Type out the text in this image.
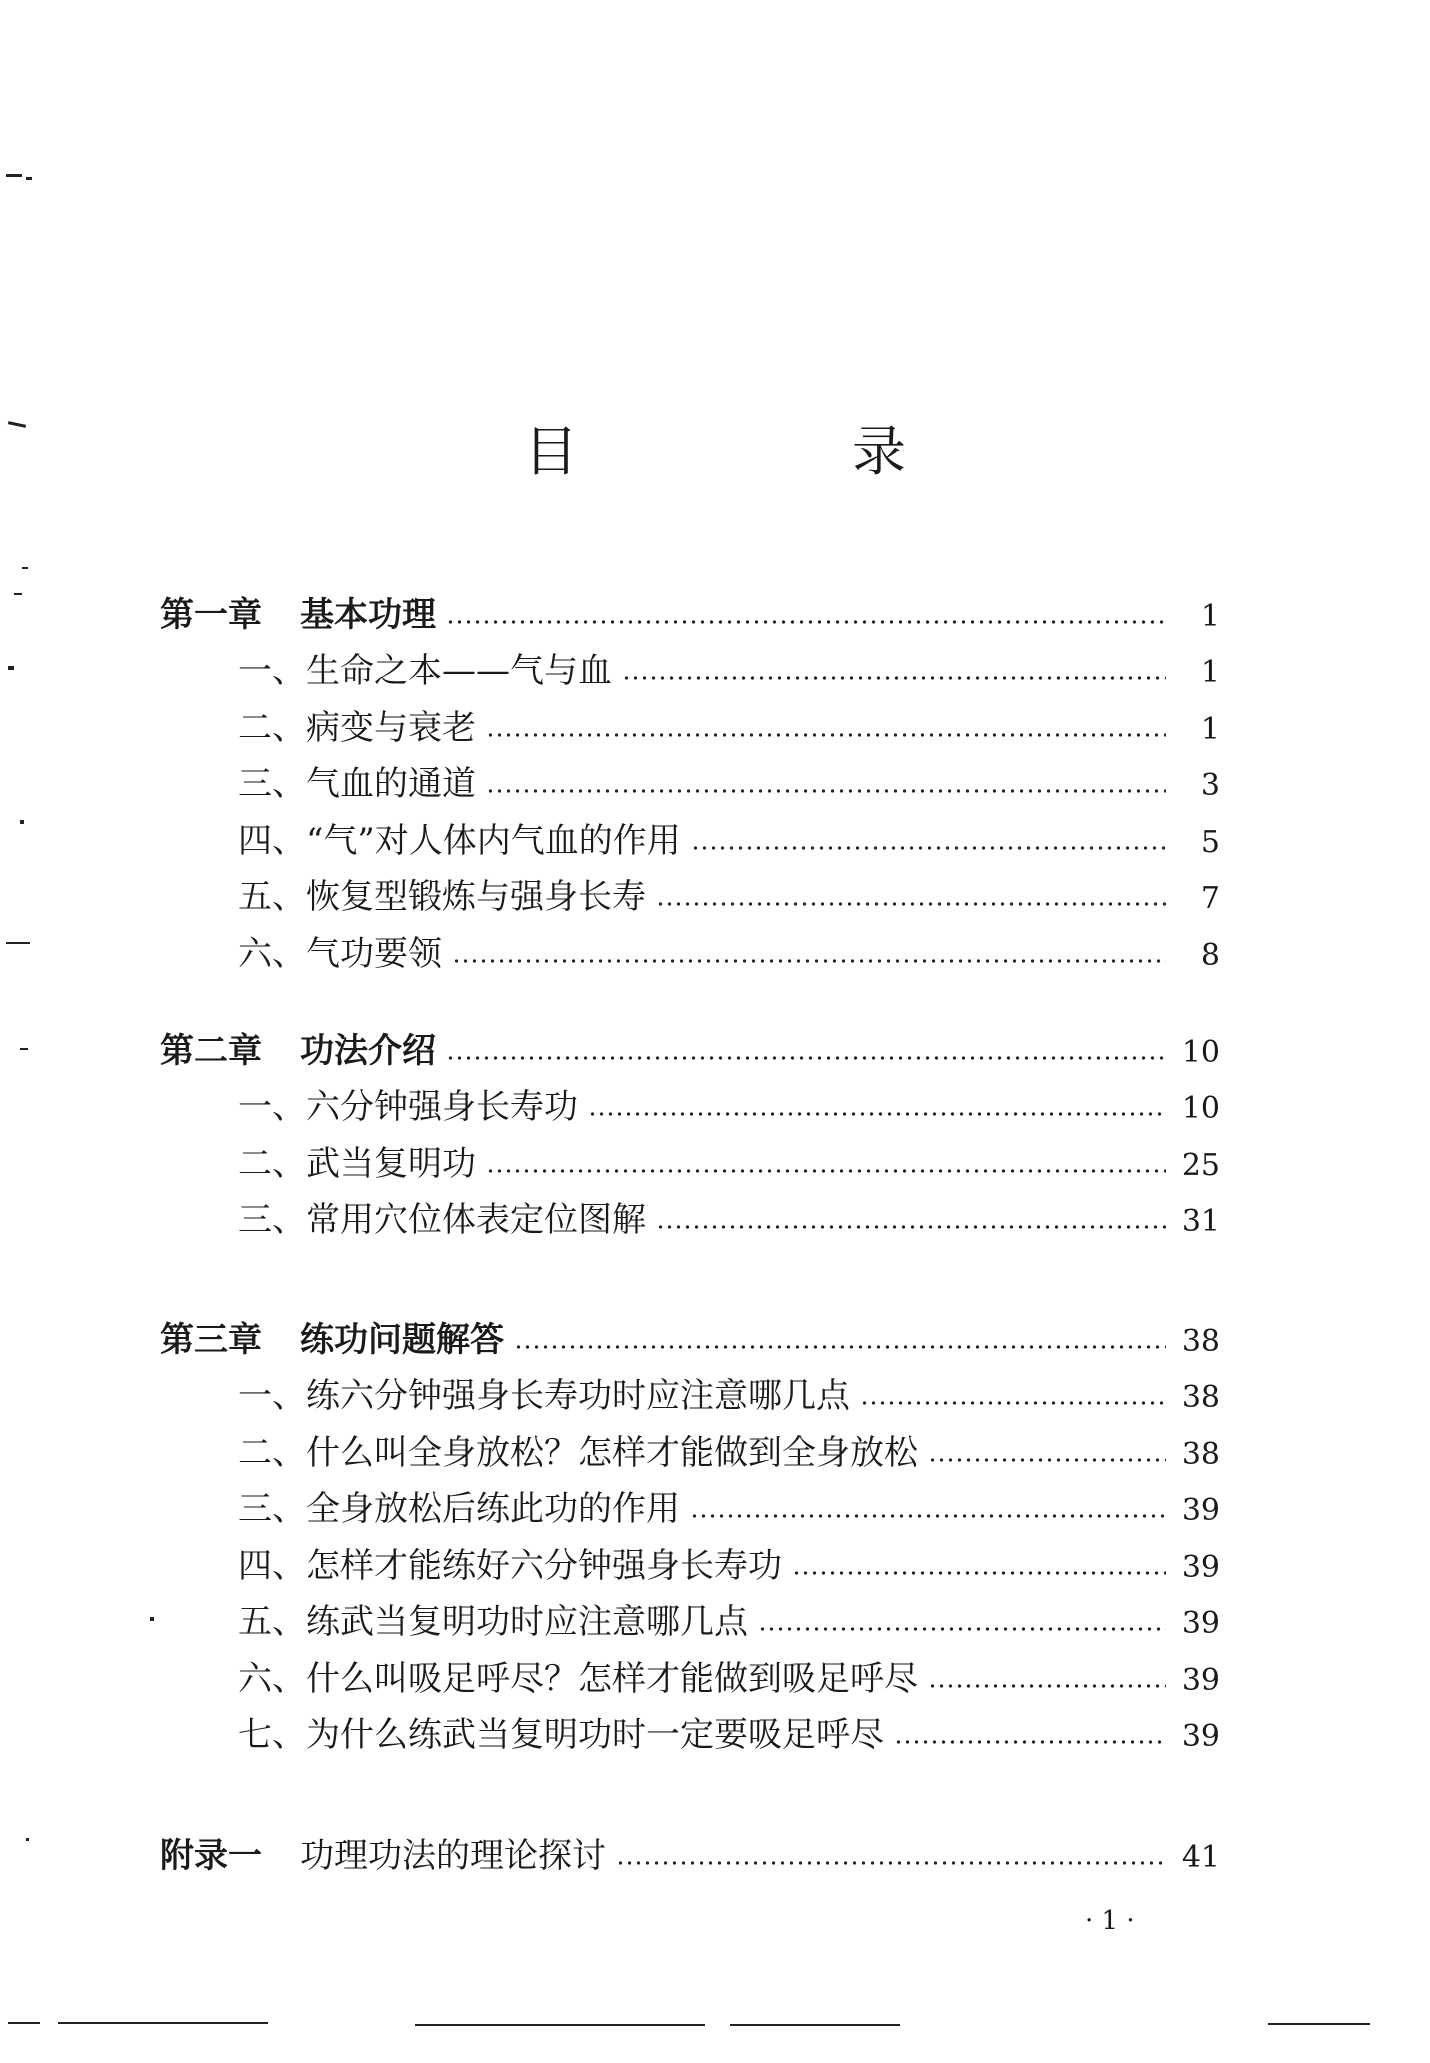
目　录
第一章 基本功理	1
一、生命之本——气与血	1
二、病变与衰老	1
三、气血的通道	3
四、“气”对人体内气血的作用	5
五、恢复型锻炼与强身长寿	7
六、气功要领	8
第二章 功法介绍	10
一、六分钟强身长寿功	10
二、武当复明功	25
三、常用穴位体表定位图解	31
第三章 练功问题解答	38
一、练六分钟强身长寿功时应注意哪几点	38
二、什么叫全身放松？怎样才能做到全身放松	38
三、全身放松后练此功的作用	39
四、怎样才能练好六分钟强身长寿功	39
五、练武当复明功时应注意哪几点	39
六、什么叫吸足呼尽？怎样才能做到吸足呼尽	39
七、为什么练武当复明功时一定要吸足呼尽	39
附录一 功理功法的理论探讨	41
· 1 ·
